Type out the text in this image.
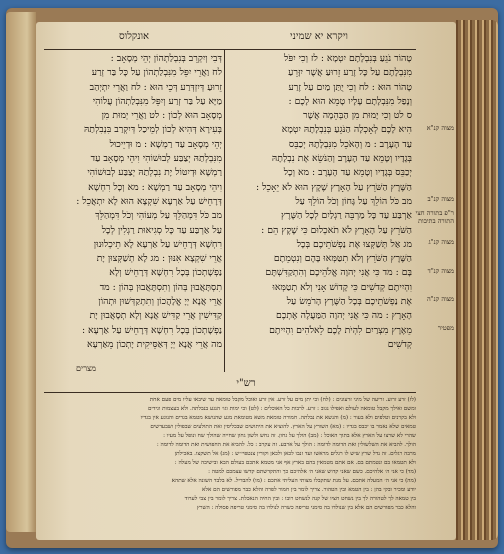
אונקלוס	ויקרא יא שמיני
טָהוֹר נֹגֵעַ בְּנִבְלָתָם יִטְמָא : לז וְכִי יִפֹּל
מִנִּבְלָתָם עַל כָּל זֶרַע זֵרוּעַ אֲשֶׁר יִזָּרֵעַ
טָהוֹר הוּא : לח וְכִי יֻתַּן מַיִם עַל זֶרַע
וְנָפַל מִנִּבְלָתָם עָלָיו טָמֵא הוּא לָכֶם :
ס לט וְכִי יָמוּת מִן הַבְּהֵמָה אֲשֶׁר
הִיא לָכֶם לְאָכְלָה הַנֹּגֵעַ בְּנִבְלָתָהּ יִטְמָא
עַד הָעָרֶב : מ וְהָאֹכֵל מִנִּבְלָתָהּ יְכַבֵּס
בְּגָדָיו וְטָמֵא עַד הָעָרֶב וְהַנֹּשֵׂא אֶת נִבְלָתָהּ
יְכַבֵּס בְּגָדָיו וְטָמֵא עַד הָעָרֶב : מא וְכָל
הַשֶּׁרֶץ הַשֹּׁרֵץ עַל הָאָרֶץ שֶׁקֶץ הוּא לֹא יֵאָכֵל :
מב כֹּל הוֹלֵךְ עַל גָּחוֹן וְכֹל הוֹלֵךְ עַל
אַרְבַּע עַד כָּל מַרְבֵּה רַגְלַיִם לְכָל הַשֶּׁרֶץ
הַשֹּׁרֵץ עַל הָאָרֶץ לֹא תֹאכְלוּם כִּי שֶׁקֶץ הֵם :
מג אַל תְּשַׁקְּצוּ אֶת נַפְשֹׁתֵיכֶם בְּכָל
הַשֶּׁרֶץ הַשֹּׁרֵץ וְלֹא תִטַּמְּאוּ בָּהֶם וְנִטְמֵתֶם
בָּם : מד כִּי אֲנִי יְהוָה אֱלֹהֵיכֶם וְהִתְקַדִּשְׁתֶּם
וִהְיִיתֶם קְדֹשִׁים כִּי קָדוֹשׁ אָנִי וְלֹא תְטַמְּאוּ
אֶת נַפְשֹׁתֵיכֶם בְּכָל הַשֶּׁרֶץ הָרֹמֵשׂ עַל
הָאָרֶץ : מה כִּי אֲנִי יְהוָה הַמַּעֲלֶה אֶתְכֶם
מֵאֶרֶץ מִצְרַיִם לִהְיֹת לָכֶם לֵאלֹהִים וִהְיִיתֶם
קְדֹשִׁים
דְּבִי וְיִקְרֵב בְּנִבְלַתְהוֹן יְהֵי מְסָאָב :
לח וַאֲרֵי יִפֵּל מִנִּבְלַתְהוֹן עַל כָּל בַּר זְרַע
זֵרוּעַ דְּיִזְדְּרַע דְּכֵי הוּא : לח וַאֲרֵי יִתְיְהַב
מַיָּא עַל בַּר זְרַע וְיִפֵּל מִנִּבְלַתְהוֹן עֲלוֹהִי
מְסָאָב הוּא לְכוֹן : לט וַאֲרֵי יְמוּת מִן
בְּעִירָא דְּהִיא לְכוֹן לְמֵיכַל דְּיִקְרַב בִּנְבִלְתַהּ
יְהֵי מְסָאָב עַד רַמְשָׁא : מ וּדְיֵיכוּל
מִנִּבְלְתַהּ יְצַבַּע לְבוּשׁוֹהִי וִיהֵי מְסָאָב עַד
רַמְשָׁא וּדְיִטּוֹל יָת נִבְלְתַהּ יְצַבַּע לְבוּשׁוֹהִי
וִיהֵי מְסָאָב עַד רַמְשָׁא : מא וְכָל רִחְשָׁא
דְּרָחֵישׁ עַל אַרְעָא שִׁקְצָא הוּא לָא יִתְאֲכֵל :
מב כֹּל דִּמְהַלֵּךְ עַל מְעוֹהִי וְכֹל דִּמְהַלֵּךְ
עַל אַרְבַּע עַד כָּל סְגִיאוּת רַגְלִין לְכָל
רִחְשָׁא דְּרָחֵישׁ עַל אַרְעָא לָא תֵיכְלוּנוּן
אֲרֵי שִׁקְצָא אִנּוּן : מג לָא תְשַׁקְּצוּן יָת
נַפְשָׁתְכוֹן בְּכָל רִחְשָׁא דְּרָחֵישׁ וְלָא
תִסְתָּאֲבוּן בְּהוֹן וְתִסְתָּאֲבוּן בְּהוֹן : מד
אֲרֵי אֲנָא יְיָ אֱלָהֲכוֹן וְתִתְקַדְּשׁוּן וּתְהוֹן
קַדִּישִׁין אֲרֵי קַדִּישׁ אֲנָא וְלָא תְסָאֲבוּן יָת
נַפְשָׁתְכוֹן בְּכָל רִחְשָׁא דְּרָחֵישׁ עַל אַרְעָא :
מה אֲרֵי אֲנָא יְיָ דְּאַסֵּיקִית יָתְכוֹן מֵאַרְעָא
מצוה קנ"א
מצוה קנ"ב
ר"פ בתורה חצי התורה בתיבות
מצוה קנ"ג
מצוה קנ"ד
מצוה קנ"ה
מפטיר
מצרים
רש"י
(לז) זרע זרוע. זריעה של מיני זרעונים : (לח) וכי יתן מים על זרע. אין זרע ואוכל מקבל טומאה עד שיבאו עליו מים פעם אחת
ומשם ואילך מקבל טומאה לעולם ואפילו נגוב : זרע. לרבות כל האוכלים : (לט) וכי ימות וגו׳ הנגע בנבלתה. ולא בעצמות וגידים
ולא בקרנים וטלפים ולא בעור : (מ) והנשא את נבלתה. חמורה טומאת משא מטומאת מגע שהנושא מטמא בגדים והנוגע אין בגדיו
טמאים שלא נאמר בו יכבס בגדיו : (מא) השורץ על הארץ. להוציא את היתושים שבכליסין ואת התולעים שבפולין ושבעדשים
שהרי לא שרצו על הארץ אלא בתוך האוכל : (מב) הולך על גחון. זה נחש ולשון גחון שחייה שהולך שח ונופל על מעיו :
הולך. להביא את השלשולין ואת הדומה לדומה : הולך על ארבע. זה עקרב : כל. להביא את החפושית ואת הדומה לדומה :
מרבה רגלים. זה נדל שרץ שיש לו רגלים מראשו ועד זנבו לכאן ולכאן וקורין צנטפיי״ש : (מג) אל תשקצו. באכילתן
ולא תטמאו בם ונטמתם בם. אם אתם מטמאין בהם בארץ אף אני מטמא אתכם בעולם הבא ובישיבה של מעלה :
(מד) כי אני ה׳ אלהיכם. כשם שאני קדוש שאני ה׳ אלהיכם כך והתקדשתם קדשו עצמכם למטה :
(מה) כי אני ה׳ המעלה אתכם. על מנת שתקבלו מצותי העליתי אתכם : (מו) להבדיל. לא בלבד השונה אלא שתהא
יודע ומכיר ובקי בהן : בין הטמא ובין הטהור. צריך לומר בין חמור לפרה והלא כבר מפורשים הם אלא
בין טמאה לך לטהורה לך בין נשחט חציו של קנה לנשחט רובו : ובין החיה הנאכלת. צריך לומר בין צבי לערוד
והלא כבר מפורשים הם אלא בין שנולדו בה סימני טריפה כשרה לנולדו בה סימני טריפה פסולה : השרץ
